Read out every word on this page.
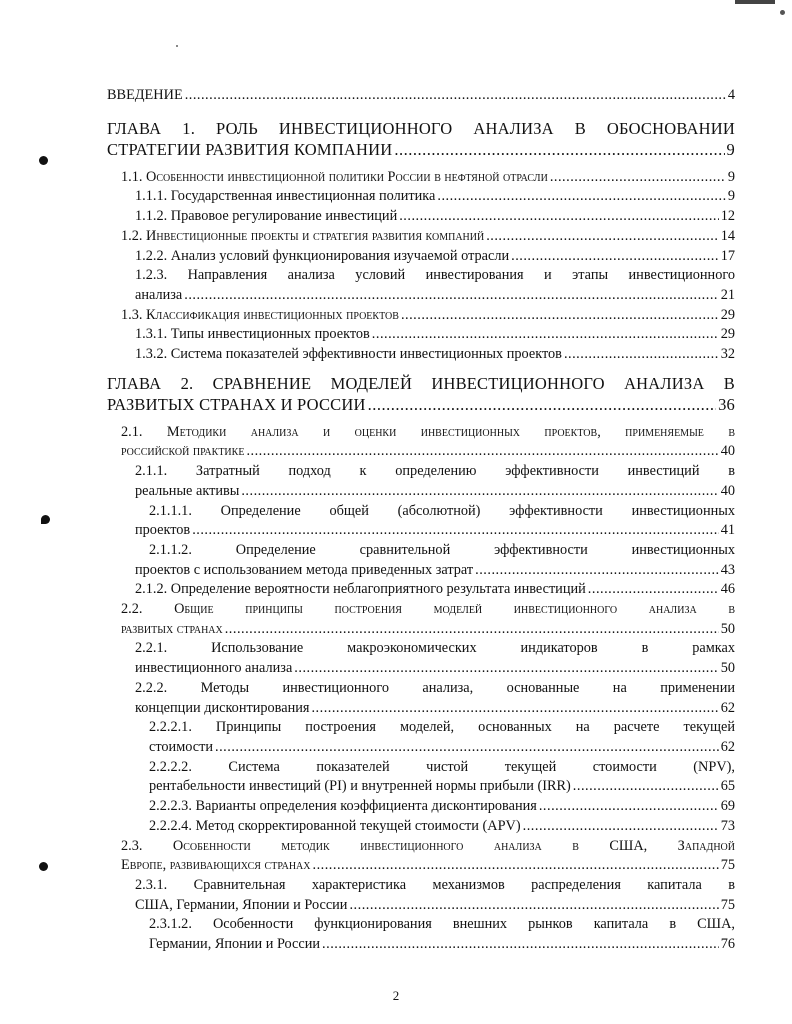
ВВЕДЕНИЕ .....	4
ГЛАВА 1. РОЛЬ ИНВЕСТИЦИОННОГО АНАЛИЗА В ОБОСНОВАНИИ
СТРАТЕГИИ РАЗВИТИЯ КОМПАНИИ .....	9
1.1. Особенности инвестиционной политики России в нефтяной отрасли .....	9
1.1.1. Государственная инвестиционная политика .....	9
1.1.2. Правовое регулирование инвестиций .....	12
1.2. Инвестиционные проекты и стратегия развития компаний .....	14
1.2.2. Анализ условий функционирования изучаемой отрасли .....	17
1.2.3. Направления анализа условий инвестирования и этапы инвестиционного
анализа .....	21
1.3. Классификация инвестиционных проектов .....	29
1.3.1. Типы инвестиционных проектов .....	29
1.3.2. Система показателей эффективности инвестиционных проектов .....	32
ГЛАВА 2. СРАВНЕНИЕ МОДЕЛЕЙ ИНВЕСТИЦИОННОГО АНАЛИЗА В
РАЗВИТЫХ СТРАНАХ И РОССИИ .....	36
2.1. Методики анализа и оценки инвестиционных проектов, применяемые в
российской практике .....	40
2.1.1. Затратный подход к определению эффективности инвестиций в
реальные активы .....	40
2.1.1.1. Определение общей (абсолютной) эффективности инвестиционных
проектов .....	41
2.1.1.2. Определение сравнительной эффективности инвестиционных
проектов с использованием метода приведенных затрат .....	43
2.1.2. Определение вероятности неблагоприятного результата инвестиций .....	46
2.2. Общие принципы построения моделей инвестиционного анализа в
развитых странах .....	50
2.2.1. Использование макроэкономических индикаторов в рамках
инвестиционного анализа .....	50
2.2.2. Методы инвестиционного анализа, основанные на применении
концепции дисконтирования .....	62
2.2.2.1. Принципы построения моделей, основанных на расчете текущей
стоимости .....	62
2.2.2.2. Система показателей чистой текущей стоимости (NPV),
рентабельности инвестиций (PI) и внутренней нормы прибыли (IRR) .....	65
2.2.2.3. Варианты определения коэффициента дисконтирования .....	69
2.2.2.4. Метод скорректированной текущей стоимости (APV) .....	73
2.3. Особенности методик инвестиционного анализа в США, Западной
Европе, развивающихся странах .....	75
2.3.1. Сравнительная характеристика механизмов распределения капитала в
США, Германии, Японии и России .....	75
2.3.1.2. Особенности функционирования внешних рынков капитала в США,
Германии, Японии и России .....	76
2
